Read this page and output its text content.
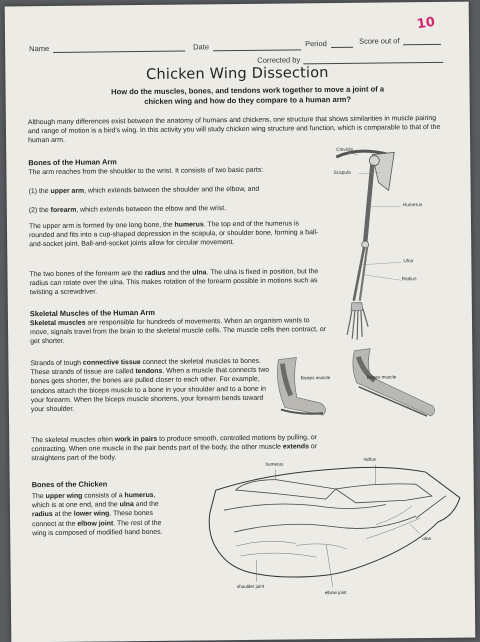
Name	Date	Period	Score out of
10
Corrected by
Chicken Wing Dissection
How do the muscles, bones, and tendons work together to move a joint of a chicken wing and how do they compare to a human arm?
Although many differences exist between the anatomy of humans and chickens, one structure that shows similarities in muscle pairing and range of motion is a bird's wing. In this activity you will study chicken wing structure and function, which is comparable to that of the human arm.
Bones of the Human Arm
The arm reaches from the shoulder to the wrist. It consists of two basic parts:
(1) the upper arm, which extends between the shoulder and the elbow, and
(2) the forearm, which extends between the elbow and the wrist.
The upper arm is formed by one long bone, the humerus. The top end of the humerus is rounded and fits into a cup-shaped depression in the scapula, or shoulder bone, forming a ball-and-socket joint. Ball-and-socket joints allow for circular movement.
The two bones of the forearm are the radius and the ulna. The ulna is fixed in position, but the radius can rotate over the ulna. This makes rotation of the forearm possible in motions such as twisting a screwdriver.
Skeletal Muscles of the Human Arm
Skeletal muscles are responsible for hundreds of movements. When an organism wants to move, signals travel from the brain to the skeletal muscle cells. The muscle cells then contract, or get shorter.
Strands of tough connective tissue connect the skeletal muscles to bones. These strands of tissue are called tendons. When a muscle that connects two bones gets shorter, the bones are pulled closer to each other. For example, tendons attach the biceps muscle to a bone in your shoulder and to a bone in your forearm. When the biceps muscle shortens, your forearm bends toward your shoulder.
The skeletal muscles often work in pairs to produce smooth, controlled motions by pulling, or contracting. When one muscle in the pair bends part of the body, the other muscle extends or straightens part of the body.
Bones of the Chicken
The upper wing consists of a humerus, which is at one end, and the ulna and the radius at the lower wing. These bones connect at the elbow joint. The rest of the wing is composed of modified hand bones.
Clavicle
Scapula
Humerus
Ulna
Radius
Biceps muscle	Biceps muscle
humerus
radius
ulna
shoulder joint
elbow joint
